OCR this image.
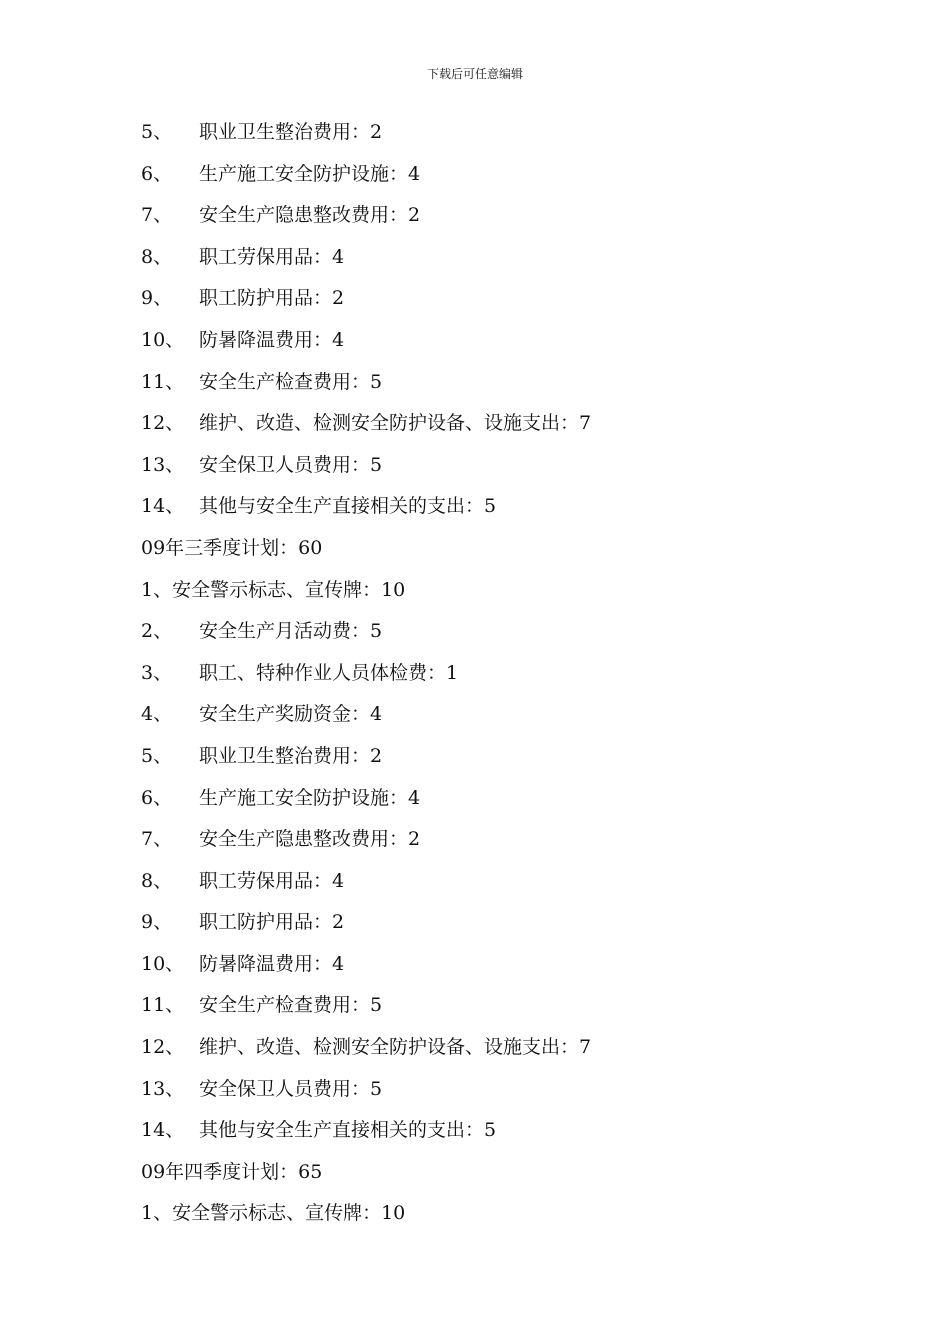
下载后可任意编辑
5、 职业卫生整治费用：2
6、 生产施工安全防护设施：4
7、 安全生产隐患整改费用：2
8、 职工劳保用品：4
9、 职工防护用品：2
10、 防暑降温费用：4
11、 安全生产检查费用：5
12、 维护、改造、检测安全防护设备、设施支出：7
13、 安全保卫人员费用：5
14、 其他与安全生产直接相关的支出：5
09年三季度计划：60
1、安全警示标志、宣传牌：10
2、 安全生产月活动费：5
3、 职工、特种作业人员体检费：1
4、 安全生产奖励资金：4
5、 职业卫生整治费用：2
6、 生产施工安全防护设施：4
7、 安全生产隐患整改费用：2
8、 职工劳保用品：4
9、 职工防护用品：2
10、 防暑降温费用：4
11、 安全生产检查费用：5
12、 维护、改造、检测安全防护设备、设施支出：7
13、 安全保卫人员费用：5
14、 其他与安全生产直接相关的支出：5
09年四季度计划：65
1、安全警示标志、宣传牌：10
